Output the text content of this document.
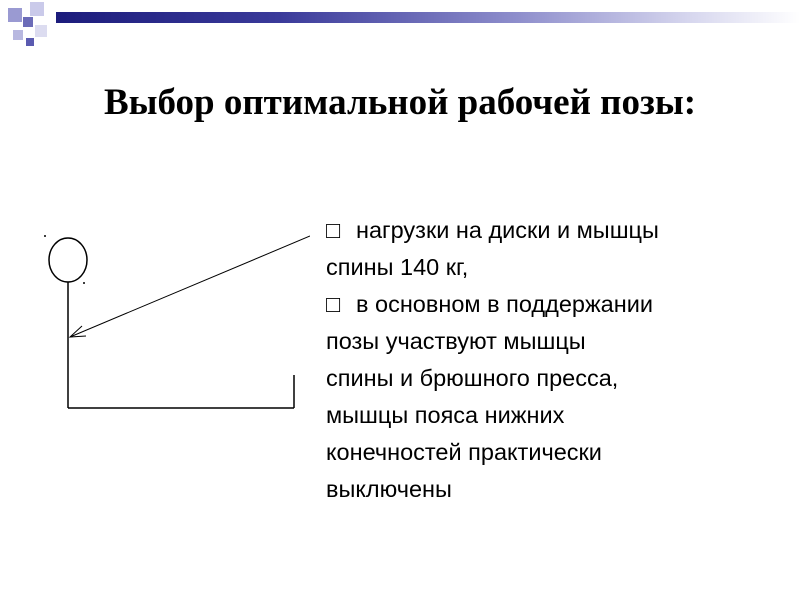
Выбор оптимальной рабочей позы:
□ нагрузки на диски и мышцы
спины 140 кг,
□ в основном в поддержании
позы участвуют мышцы
спины и брюшного пресса,
мышцы пояса нижних
конечностей практически
выключены
